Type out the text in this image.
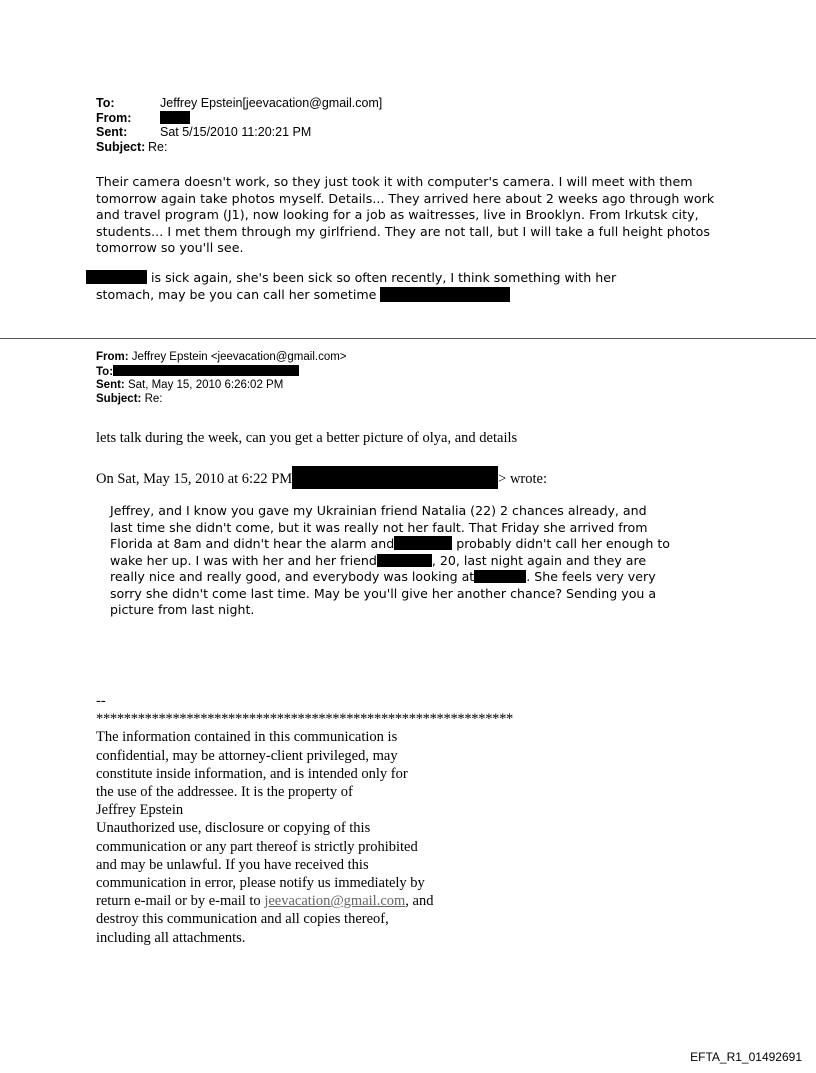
To:	Jeffrey Epstein[jeevacation@gmail.com]
From:
Sent:	Sat 5/15/2010 11:20:21 PM
Subject: Re:

Their camera doesn't work, so they just took it with computer's camera. I will meet with them tomorrow again take photos myself. Details... They arrived here about 2 weeks ago through work and travel program (J1), now looking for a job as waitresses, live in Brooklyn. From Irkutsk city, students... I met them through my girlfriend. They are not tall, but I will take a full height photos tomorrow so you'll see.

is sick again, she's been sick so often recently, I think something with her
stomach, may be you can call her sometime
From: Jeffrey Epstein <jeevacation@gmail.com>
To:
Sent: Sat, May 15, 2010 6:26:02 PM
Subject: Re:
lets talk during the week, can you get a better picture of olya, and details
On Sat, May 15, 2010 at 6:22 PM	> wrote:

Jeffrey, and I know you gave my Ukrainian friend Natalia (22) 2 chances already, and

last time she didn't come, but it was really not her fault. That Friday she arrived from

Florida at 8am and didn't hear the alarm and	probably didn't call her enough to

wake her up. I was with her and her friend	, 20, last night again and they are

really nice and really good, and everybody was looking at	. She feels very very

sorry she didn't come last time. May be you'll give her another chance? Sending you a

picture from last night.

--
************************************************************
The information contained in this communication is
confidential, may be attorney-client privileged, may
constitute inside information, and is intended only for
the use of the addressee. It is the property of
Jeffrey Epstein
Unauthorized use, disclosure or copying of this
communication or any part thereof is strictly prohibited
and may be unlawful. If you have received this
communication in error, please notify us immediately by
return e-mail or by e-mail to jeevacation@gmail.com, and
destroy this communication and all copies thereof,
including all attachments.
EFTA_R1_01492691
